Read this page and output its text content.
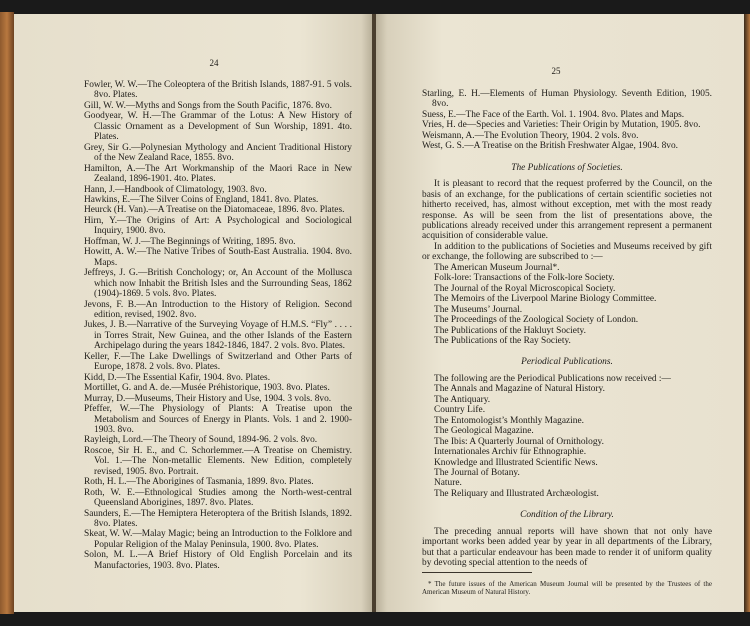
24

Fowler, W. W.—The Coleoptera of the British Islands, 1887-91. 5 vols. 8vo. Plates.

Gill, W. W.—Myths and Songs from the South Pacific, 1876. 8vo.

Goodyear, W. H.—The Grammar of the Lotus: A New History of Classic Ornament as a Development of Sun Worship, 1891. 4to. Plates.

Grey, Sir G.—Polynesian Mythology and Ancient Traditional History of the New Zealand Race, 1855. 8vo.

Hamilton, A.—The Art Workmanship of the Maori Race in New Zealand, 1896-1901. 4to. Plates.

Hann, J.—Handbook of Climatology, 1903. 8vo.

Hawkins, E.—The Silver Coins of England, 1841. 8vo. Plates.

Heurck (H. Van).—A Treatise on the Diatomaceae, 1896. 8vo. Plates.

Hirn, Y.—The Origins of Art: A Psychological and Sociological Inquiry, 1900. 8vo.

Hoffman, W. J.—The Beginnings of Writing, 1895. 8vo.

Howitt, A. W.—The Native Tribes of South-East Australia. 1904. 8vo. Maps.

Jeffreys, J. G.—British Conchology; or, An Account of the Mollusca which now Inhabit the British Isles and the Surrounding Seas, 1862 (1904)-1869. 5 vols. 8vo. Plates.

Jevons, F. B.—An Introduction to the History of Religion. Second edition, revised, 1902. 8vo.

Jukes, J. B.—Narrative of the Surveying Voyage of H.M.S. “Fly” . . . . in Torres Strait, New Guinea, and the other Islands of the Eastern Archipelago during the years 1842-1846, 1847. 2 vols. 8vo. Plates.

Keller, F.—The Lake Dwellings of Switzerland and Other Parts of Europe, 1878. 2 vols. 8vo. Plates.

Kidd, D.—The Essential Kafir, 1904. 8vo. Plates.

Mortillet, G. and A. de.—Musée Préhistorique, 1903. 8vo. Plates.

Murray, D.—Museums, Their History and Use, 1904. 3 vols. 8vo.

Pfeffer, W.—The Physiology of Plants: A Treatise upon the Metabolism and Sources of Energy in Plants. Vols. 1 and 2. 1900-1903. 8vo.

Rayleigh, Lord.—The Theory of Sound, 1894-96. 2 vols. 8vo.

Roscoe, Sir H. E., and C. Schorlemmer.—A Treatise on Chemistry. Vol. 1.—The Non-metallic Elements. New Edition, completely revised, 1905. 8vo. Portrait.

Roth, H. L.—The Aborigines of Tasmania, 1899. 8vo. Plates.

Roth, W. E.—Ethnological Studies among the North-west-central Queensland Aborigines, 1897. 8vo. Plates.

Saunders, E.—The Hemiptera Heteroptera of the British Islands, 1892. 8vo. Plates.

Skeat, W. W.—Malay Magic; being an Introduction to the Folklore and Popular Religion of the Malay Peninsula, 1900. 8vo. Plates.

Solon, M. L.—A Brief History of Old English Porcelain and its Manufactories, 1903. 8vo. Plates.

25

Starling, E. H.—Elements of Human Physiology. Seventh Edition, 1905. 8vo.

Suess, E.—The Face of the Earth. Vol. 1. 1904. 8vo. Plates and Maps.

Vries, H. de—Species and Varieties: Their Origin by Mutation, 1905. 8vo.

Weismann, A.—The Evolution Theory, 1904. 2 vols. 8vo.

West, G. S.—A Treatise on the British Freshwater Algae, 1904. 8vo.

The Publications of Societies.

It is pleasant to record that the request proferred by the Council, on the basis of an exchange, for the publications of certain scientific societies not hitherto received, has, almost without exception, met with the most ready response. As will be seen from the list of presentations above, the publications already received under this arrangement represent a permanent acquisition of considerable value.

In addition to the publications of Societies and Museums received by gift or exchange, the following are subscribed to :—

The American Museum Journal*.
Folk-lore: Transactions of the Folk-lore Society.
The Journal of the Royal Microscopical Society.
The Memoirs of the Liverpool Marine Biology Committee.
The Museums’ Journal.
The Proceedings of the Zoological Society of London.
The Publications of the Hakluyt Society.
The Publications of the Ray Society.
Periodical Publications.

The following are the Periodical Publications now received :—

The Annals and Magazine of Natural History.
The Antiquary.
Country Life.
The Entomologist’s Monthly Magazine.
The Geological Magazine.
The Ibis: A Quarterly Journal of Ornithology.
Internationales Archiv für Ethnographie.
Knowledge and Illustrated Scientific News.
The Journal of Botany.
Nature.
The Reliquary and Illustrated Archæologist.
Condition of the Library.

The preceding annual reports will have shown that not only have important works been added year by year in all departments of the Library, but that a particular endeavour has been made to render it of uniform quality by devoting special attention to the needs of

* The future issues of the American Museum Journal will be presented by the Trustees of the American Museum of Natural History.
